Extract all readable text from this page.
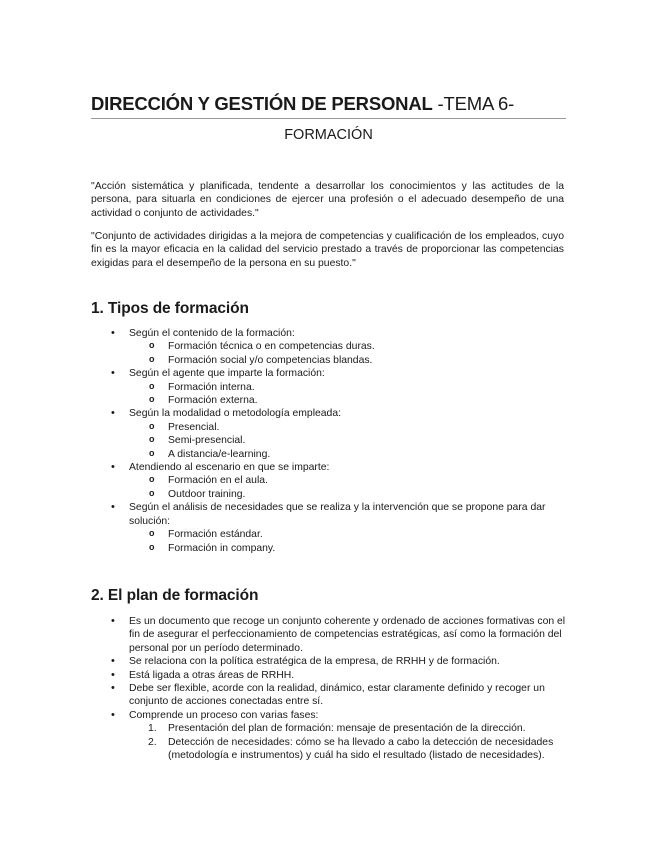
DIRECCIÓN Y GESTIÓN DE PERSONAL -TEMA 6-
FORMACIÓN

"Acción sistemática y planificada, tendente a desarrollar los conocimientos y las actitudes de la persona, para situarla en condiciones de ejercer una profesión o el adecuado desempeño de una actividad o conjunto de actividades."

"Conjunto de actividades dirigidas a la mejora de competencias y cualificación de los empleados, cuyo fin es la mayor eficacia en la calidad del servicio prestado a través de proporcionar las competencias exigidas para el desempeño de la persona en su puesto."

1. Tipos de formación
• Según el contenido de la formación:
o Formación técnica o en competencias duras.
o Formación social y/o competencias blandas.
• Según el agente que imparte la formación:
o Formación interna.
o Formación externa.
• Según la modalidad o metodología empleada:
o Presencial.
o Semi-presencial.
o A distancia/e-learning.
• Atendiendo al escenario en que se imparte:
o Formación en el aula.
o Outdoor training.
• Según el análisis de necesidades que se realiza y la intervención que se propone para dar solución:
o Formación estándar.
o Formación in company.
2. El plan de formación
• Es un documento que recoge un conjunto coherente y ordenado de acciones formativas con el fin de asegurar el perfeccionamiento de competencias estratégicas, así como la formación del personal por un período determinado.
• Se relaciona con la política estratégica de la empresa, de RRHH y de formación.
• Está ligada a otras áreas de RRHH.
• Debe ser flexible, acorde con la realidad, dinámico, estar claramente definido y recoger un conjunto de acciones conectadas entre sí.
• Comprende un proceso con varias fases:
1. Presentación del plan de formación: mensaje de presentación de la dirección.
2. Detección de necesidades: cómo se ha llevado a cabo la detección de necesidades (metodología e instrumentos) y cuál ha sido el resultado (listado de necesidades).
